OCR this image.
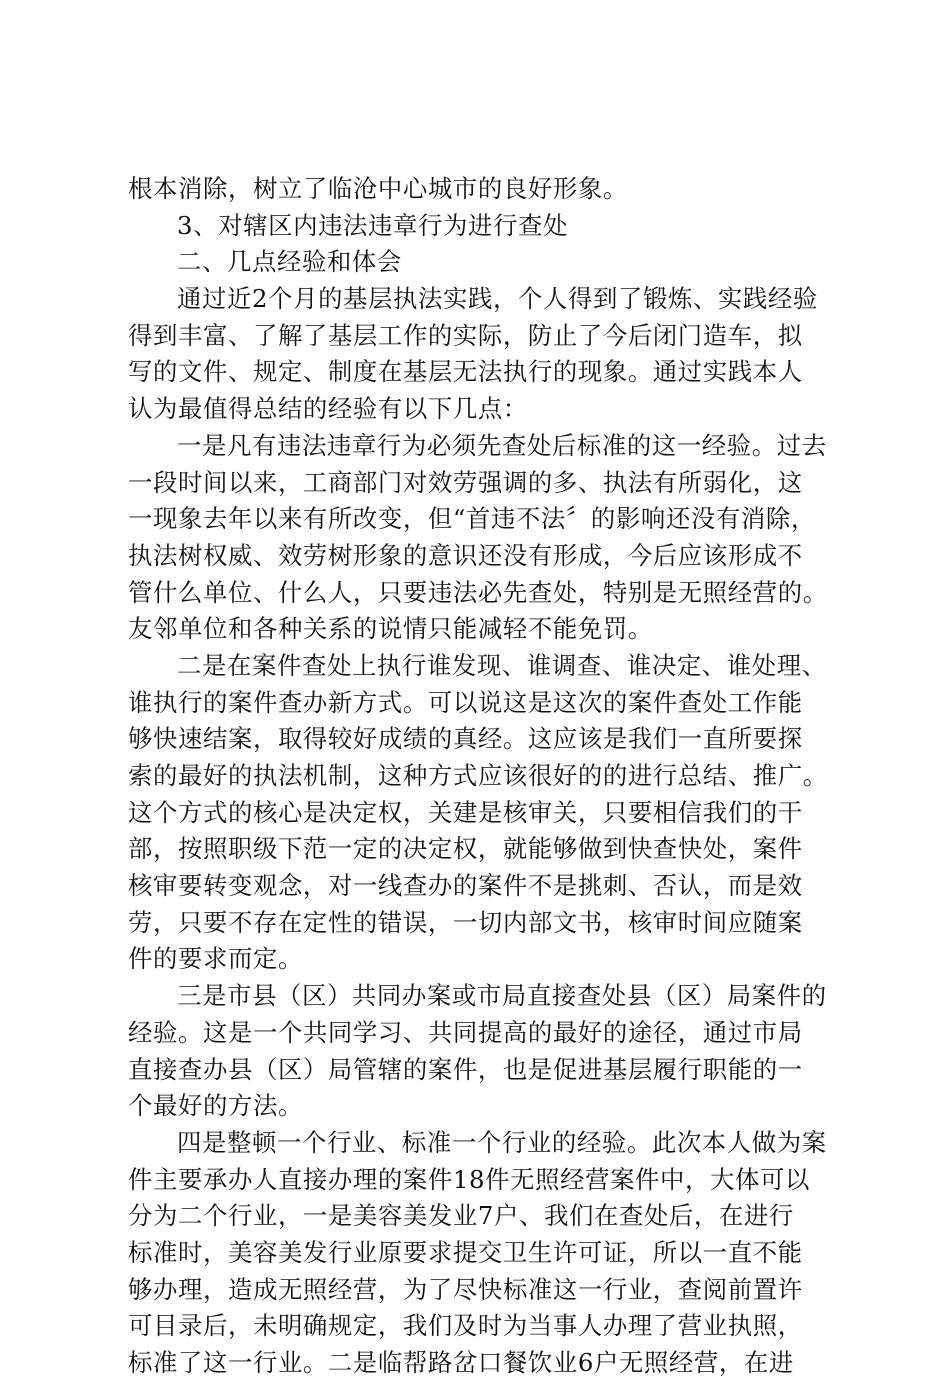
根本消除，树立了临沧中心城市的良好形象。
3、对辖区内违法违章行为进行查处
二、几点经验和体会
通过近2个月的基层执法实践，个人得到了锻炼、实践经验
得到丰富、了解了基层工作的实际，防止了今后闭门造车，拟
写的文件、规定、制度在基层无法执行的现象。通过实践本人
认为最值得总结的经验有以下几点：
一是凡有违法违章行为必须先查处后标准的这一经验。过去
一段时间以来，工商部门对效劳强调的多、执法有所弱化，这
一现象去年以来有所改变，但“首违不法〞的影响还没有消除，
执法树权威、效劳树形象的意识还没有形成，今后应该形成不
管什么单位、什么人，只要违法必先查处，特别是无照经营的。
友邻单位和各种关系的说情只能减轻不能免罚。
二是在案件查处上执行谁发现、谁调查、谁决定、谁处理、
谁执行的案件查办新方式。可以说这是这次的案件查处工作能
够快速结案，取得较好成绩的真经。这应该是我们一直所要探
索的最好的执法机制，这种方式应该很好的的进行总结、推广。
这个方式的核心是决定权，关建是核审关，只要相信我们的干
部，按照职级下范一定的决定权，就能够做到快查快处，案件
核审要转变观念，对一线查办的案件不是挑刺、否认，而是效
劳，只要不存在定性的错误，一切内部文书，核审时间应随案
件的要求而定。
三是市县（区）共同办案或市局直接查处县（区）局案件的
经验。这是一个共同学习、共同提高的最好的途径，通过市局
直接查办县（区）局管辖的案件，也是促进基层履行职能的一
个最好的方法。
四是整顿一个行业、标准一个行业的经验。此次本人做为案
件主要承办人直接办理的案件18件无照经营案件中，大体可以
分为二个行业，一是美容美发业7户、我们在查处后，在进行
标准时，美容美发行业原要求提交卫生许可证，所以一直不能
够办理，造成无照经营，为了尽快标准这一行业，查阅前置许
可目录后，未明确规定，我们及时为当事人办理了营业执照，
标准了这一行业。二是临帮路岔口餐饮业6户无照经营，在进
